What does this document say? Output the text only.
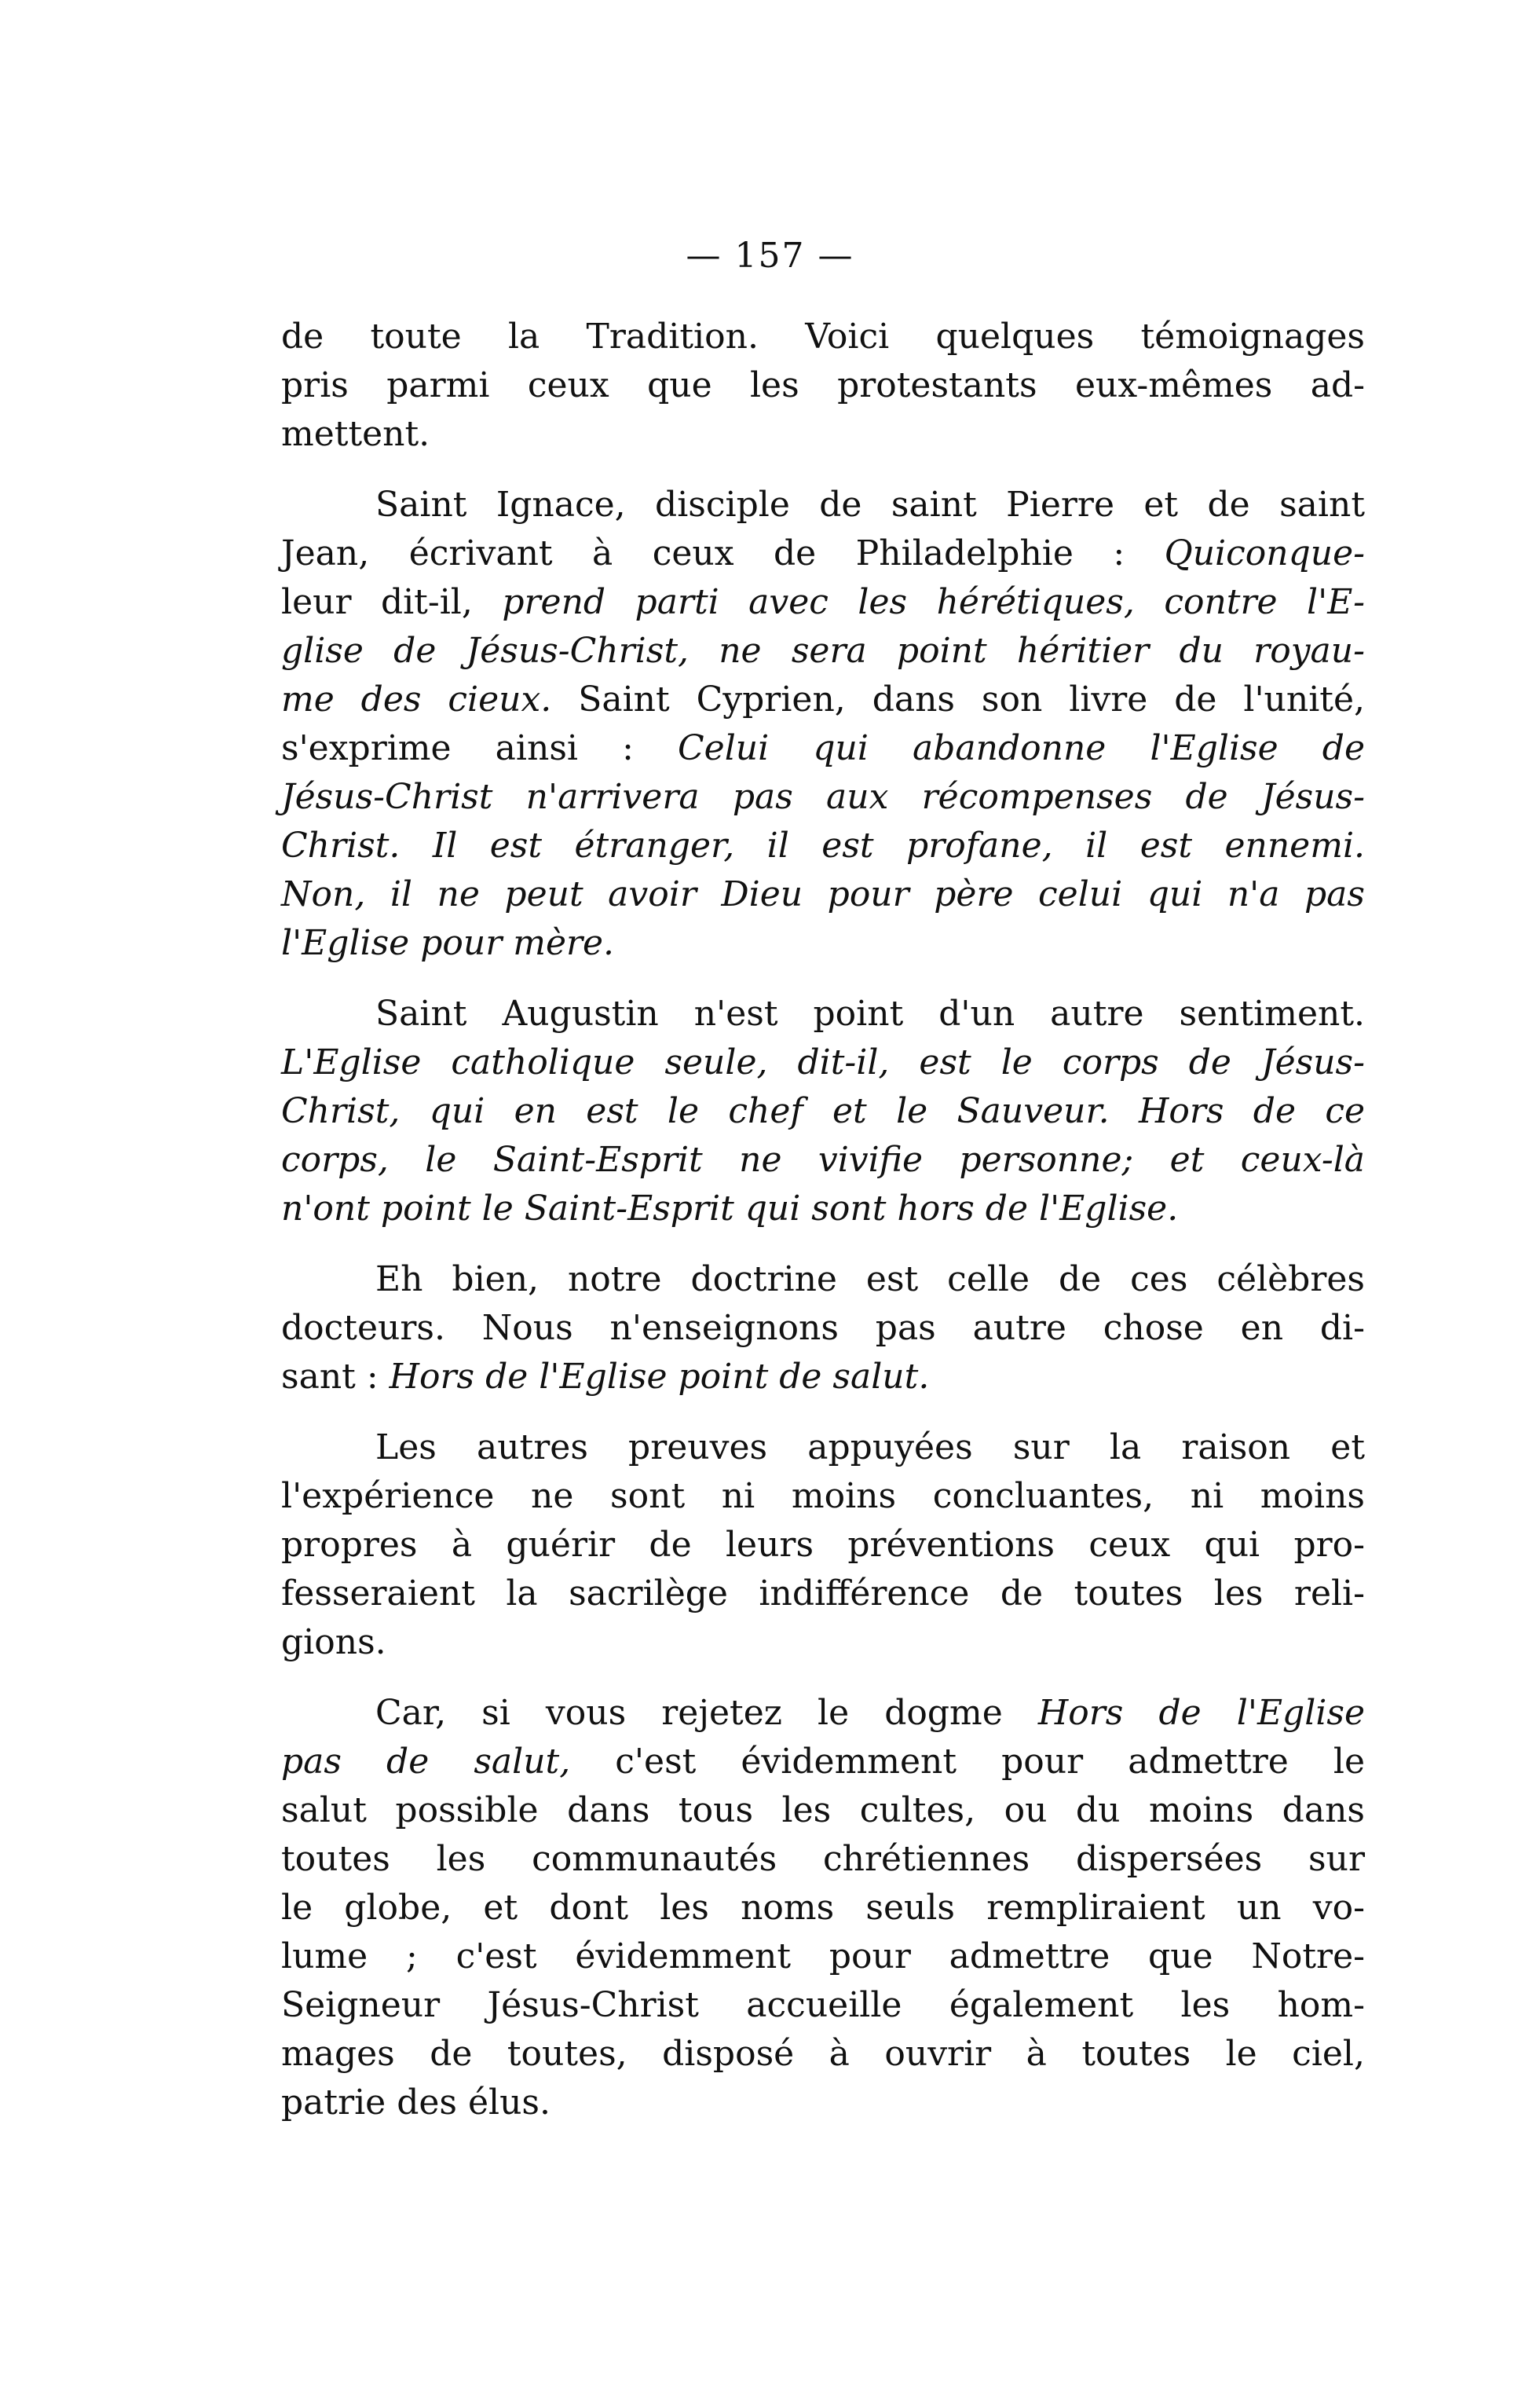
— 157 —
de toute la Tradition. Voici quelques témoignages
pris parmi ceux que les protestants eux-mêmes ad-
mettent.
Saint Ignace, disciple de saint Pierre et de saint
Jean, écrivant à ceux de Philadelphie : Quiconque-
leur dit-il, prend parti avec les hérétiques, contre l'E-
glise de Jésus-Christ, ne sera point héritier du royau-
me des cieux. Saint Cyprien, dans son livre de l'unité,
s'exprime ainsi : Celui qui abandonne l'Eglise de
Jésus-Christ n'arrivera pas aux récompenses de Jésus-
Christ. Il est étranger, il est profane, il est ennemi.
Non, il ne peut avoir Dieu pour père celui qui n'a pas
l'Eglise pour mère.
Saint Augustin n'est point d'un autre sentiment.
L'Eglise catholique seule, dit-il, est le corps de Jésus-
Christ, qui en est le chef et le Sauveur. Hors de ce
corps, le Saint-Esprit ne vivifie personne; et ceux-là
n'ont point le Saint-Esprit qui sont hors de l'Eglise.
Eh bien, notre doctrine est celle de ces célèbres
docteurs. Nous n'enseignons pas autre chose en di-
sant : Hors de l'Eglise point de salut.
Les autres preuves appuyées sur la raison et
l'expérience ne sont ni moins concluantes, ni moins
propres à guérir de leurs préventions ceux qui pro-
fesseraient la sacrilège indifférence de toutes les reli-
gions.
Car, si vous rejetez le dogme Hors de l'Eglise
pas de salut, c'est évidemment pour admettre le
salut possible dans tous les cultes, ou du moins dans
toutes les communautés chrétiennes dispersées sur
le globe, et dont les noms seuls rempliraient un vo-
lume ; c'est évidemment pour admettre que Notre-
Seigneur Jésus-Christ accueille également les hom-
mages de toutes, disposé à ouvrir à toutes le ciel,
patrie des élus.
